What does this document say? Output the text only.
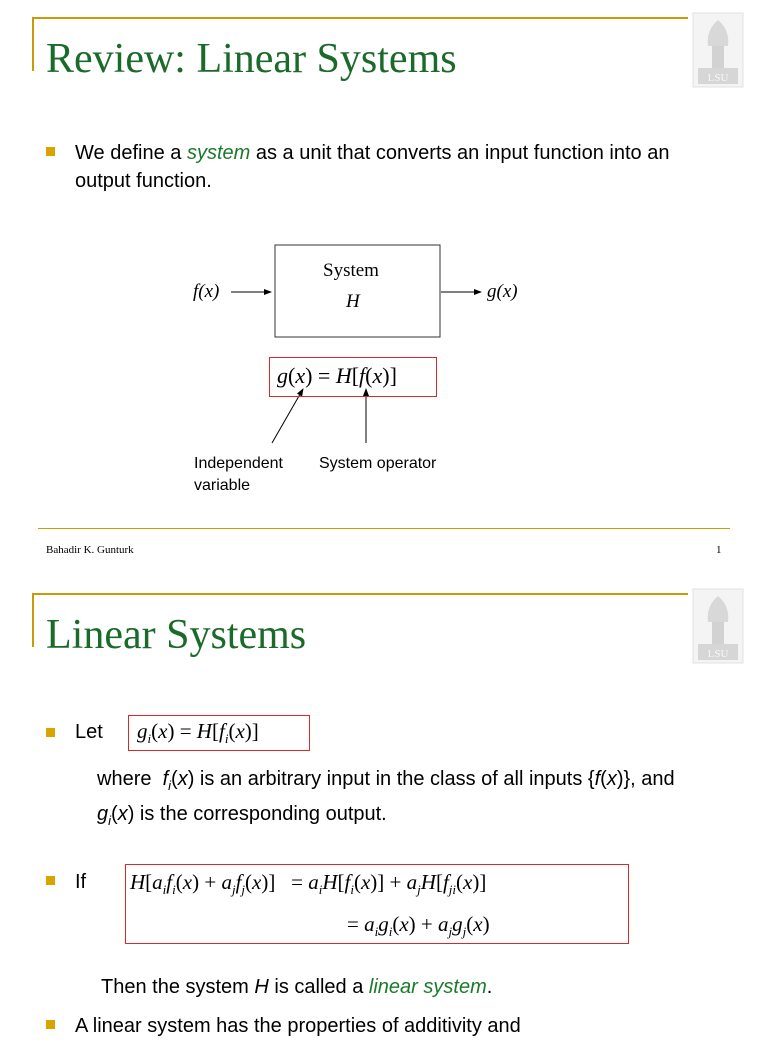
Review: Linear Systems	LSU
We define a system as a unit that converts an input function into an output function.
f(x)
System
H	g(x)
g(x) = H[f(x)]
Independent variable
System operator
Bahadir K. Gunturk	1
Linear Systems	LSU
Let $g_i(x) = H[f_i(x)]$
where  $f_i(x)$ is an arbitrary input in the class of all inputs {f(x)}, and $g_i(x)$ is the corresponding output.
If $H[a_if_i(x) + a_jf_j(x)] = a_iH[f_i(x)] + a_jH[f_{ji}(x)]$
= $a_ig_i(x) + a_jg_j(x)$
Then the system H is called a linear system.
A linear system has the properties of additivity and
